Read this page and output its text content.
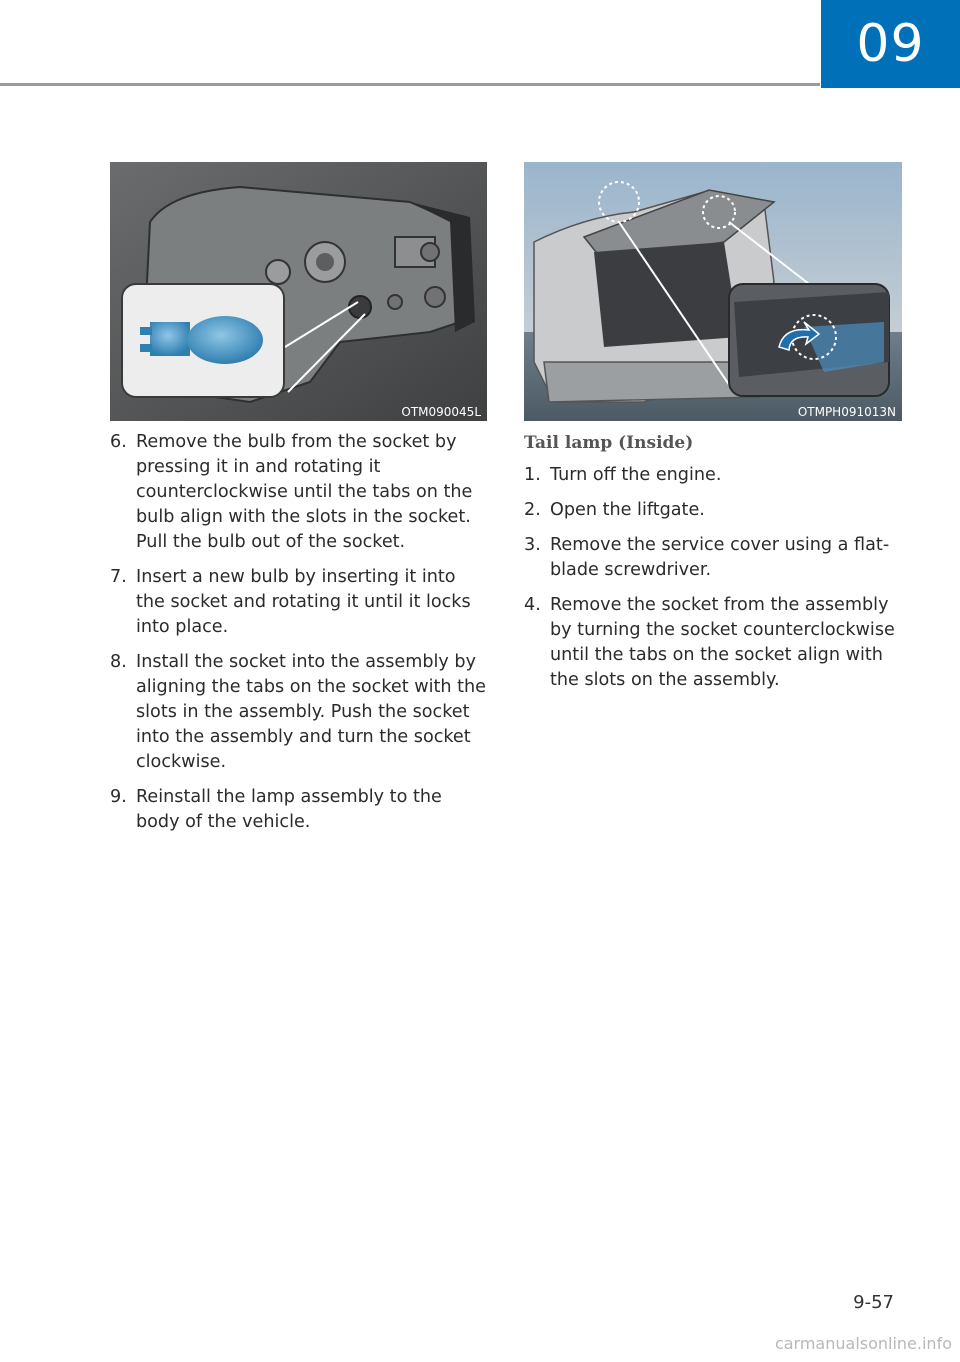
09
OTM090045L	OTMPH091013N
6. Remove the bulb from the socket by pressing it in and rotating it counterclockwise until the tabs on the bulb align with the slots in the socket. Pull the bulb out of the socket.
7. Insert a new bulb by inserting it into the socket and rotating it until it locks into place.
8. Install the socket into the assembly by aligning the tabs on the socket with the slots in the assembly. Push the socket into the assembly and turn the socket clockwise.
9. Reinstall the lamp assembly to the body of the vehicle.
Tail lamp (Inside)
1. Turn off the engine.
2. Open the liftgate.
3. Remove the service cover using a flat-blade screwdriver.
4. Remove the socket from the assembly by turning the socket counterclockwise until the tabs on the socket align with the slots on the assembly.
9-57
carmanualsonline.info
